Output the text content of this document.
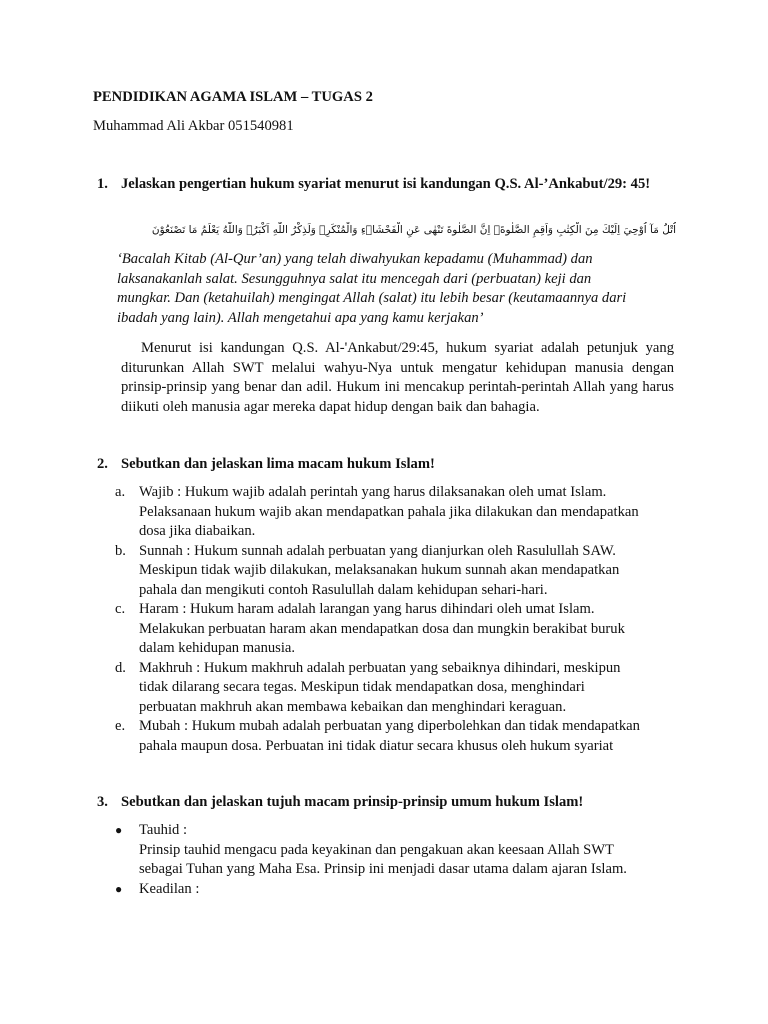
PENDIDIKAN AGAMA ISLAM – TUGAS 2
Muhammad Ali Akbar 051540981
1. Jelaskan pengertian hukum syariat menurut isi kandungan Q.S. Al-’Ankabut/29: 45!
اُتْلُ مَآ اُوْحِيَ اِلَيْكَ مِنَ الْكِتٰبِ وَاَقِمِ الصَّلٰوةَۗ اِنَّ الصَّلٰوةَ تَنْهٰى عَنِ الْفَحْشَاۤءِ وَالْمُنْكَرِۗ وَلَذِكْرُ اللّٰهِ اَكْبَرُۗ وَاللّٰهُ يَعْلَمُ مَا تَصْنَعُوْنَ
‘Bacalah Kitab (Al-Qur’an) yang telah diwahyukan kepadamu (Muhammad) dan
laksanakanlah salat. Sesungguhnya salat itu mencegah dari (perbuatan) keji dan
mungkar. Dan (ketahuilah) mengingat Allah (salat) itu lebih besar (keutamaannya dari
ibadah yang lain). Allah mengetahui apa yang kamu kerjakan’
Menurut isi kandungan Q.S. Al-'Ankabut/29:45, hukum syariat adalah petunjuk yang diturunkan Allah SWT melalui wahyu-Nya untuk mengatur kehidupan manusia dengan prinsip-prinsip yang benar dan adil. Hukum ini mencakup perintah-perintah Allah yang harus diikuti oleh manusia agar mereka dapat hidup dengan baik dan bahagia.
2. Sebutkan dan jelaskan lima macam hukum Islam!
a. Wajib : Hukum wajib adalah perintah yang harus dilaksanakan oleh umat Islam.
Pelaksanaan hukum wajib akan mendapatkan pahala jika dilakukan dan mendapatkan
dosa jika diabaikan.
b. Sunnah : Hukum sunnah adalah perbuatan yang dianjurkan oleh Rasulullah SAW.
Meskipun tidak wajib dilakukan, melaksanakan hukum sunnah akan mendapatkan
pahala dan mengikuti contoh Rasulullah dalam kehidupan sehari-hari.
c. Haram : Hukum haram adalah larangan yang harus dihindari oleh umat Islam.
Melakukan perbuatan haram akan mendapatkan dosa dan mungkin berakibat buruk
dalam kehidupan manusia.
d. Makhruh : Hukum makhruh adalah perbuatan yang sebaiknya dihindari, meskipun
tidak dilarang secara tegas. Meskipun tidak mendapatkan dosa, menghindari
perbuatan makhruh akan membawa kebaikan dan menghindari keraguan.
e. Mubah : Hukum mubah adalah perbuatan yang diperbolehkan dan tidak mendapatkan
pahala maupun dosa. Perbuatan ini tidak diatur secara khusus oleh hukum syariat
3. Sebutkan dan jelaskan tujuh macam prinsip-prinsip umum hukum Islam!
● Tauhid :
Prinsip tauhid mengacu pada keyakinan dan pengakuan akan keesaan Allah SWT
sebagai Tuhan yang Maha Esa. Prinsip ini menjadi dasar utama dalam ajaran Islam.
● Keadilan :
